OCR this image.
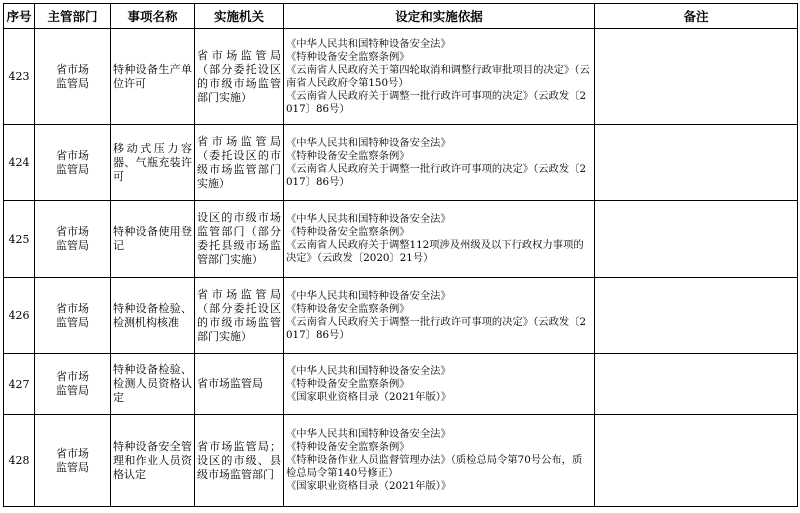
序号	主管部门	事项名称	实施机关	设定和实施依据	备注
423	省市场监管局	特种设备生产单位许可	省市场监管局（部分委托设区的市级市场监管部门实施）	《中华人民共和国特种设备安全法》
《特种设备安全监察条例》
《云南省人民政府关于第四轮取消和调整行政审批项目的决定》（云南省人民政府令第150号）
《云南省人民政府关于调整一批行政许可事项的决定》（云政发〔2017〕86号）	

424	省市场监管局	移动式压力容器、气瓶充装许可	省市场监管局（委托设区的市级市场监管部门实施）	《中华人民共和国特种设备安全法》
《特种设备安全监察条例》
《云南省人民政府关于调整一批行政许可事项的决定》（云政发〔2017〕86号）	

425	省市场监管局	特种设备使用登记	设区的市级市场监管部门（部分委托县级市场监管部门实施）	《中华人民共和国特种设备安全法》
《特种设备安全监察条例》
《云南省人民政府关于调整112项涉及州级及以下行政权力事项的决定》（云政发〔2020〕21号）	

426	省市场监管局	特种设备检验、检测机构核准	省市场监管局（部分委托设区的市级市场监管部门实施）	《中华人民共和国特种设备安全法》
《特种设备安全监察条例》
《云南省人民政府关于调整一批行政许可事项的决定》（云政发〔2017〕86号）	

427	省市场监管局	特种设备检验、检测人员资格认定	省市场监管局	《中华人民共和国特种设备安全法》
《特种设备安全监察条例》
《国家职业资格目录（2021年版）》	

428	省市场监管局	特种设备安全管理和作业人员资格认定	省市场监管局；设区的市级、县级市场监管部门	《中华人民共和国特种设备安全法》
《特种设备安全监察条例》
《特种设备作业人员监督管理办法》（质检总局令第70号公布，质检总局令第140号修正）
《国家职业资格目录（2021年版）》	
